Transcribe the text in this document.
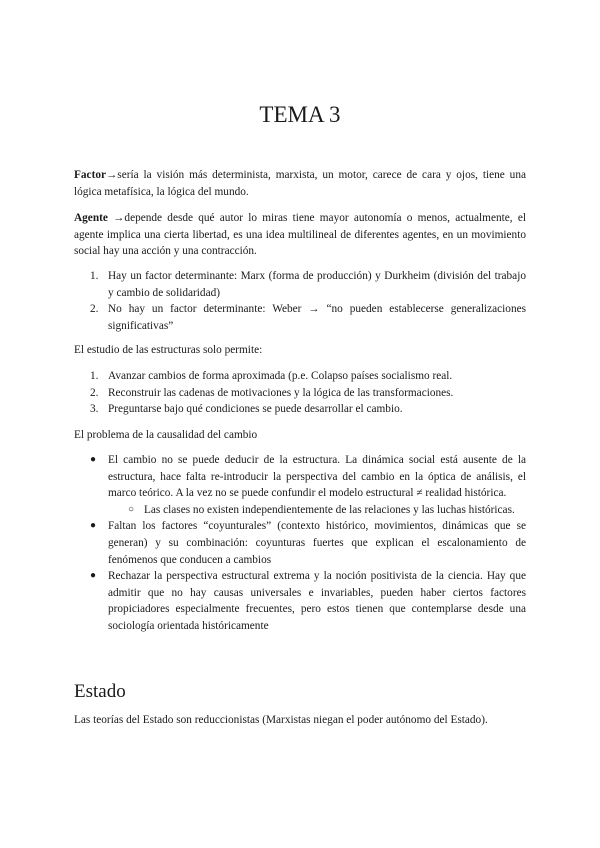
TEMA 3

Factor→sería la visión más determinista, marxista, un motor, carece de cara y ojos, tiene una lógica metafísica, la lógica del mundo.

Agente →depende desde qué autor lo miras tiene mayor autonomía o menos, actualmente, el agente implica una cierta libertad, es una idea multilineal de diferentes agentes, en un movimiento social hay una acción y una contracción.

1. Hay un factor determinante: Marx (forma de producción) y Durkheim (división del trabajo y cambio de solidaridad)
2. No hay un factor determinante: Weber → “no pueden establecerse generalizaciones significativas”

El estudio de las estructuras solo permite:

1. Avanzar cambios de forma aproximada (p.e. Colapso países socialismo real.
2. Reconstruir las cadenas de motivaciones y la lógica de las transformaciones.
3. Preguntarse bajo qué condiciones se puede desarrollar el cambio.

El problema de la causalidad del cambio

● El cambio no se puede deducir de la estructura. La dinámica social está ausente de la estructura, hace falta re-introducir la perspectiva del cambio en la óptica de análisis, el marco teórico. A la vez no se puede confundir el modelo estructural ≠ realidad histórica.
○ Las clases no existen independientemente de las relaciones y las luchas históricas.
● Faltan los factores “coyunturales” (contexto histórico, movimientos, dinámicas que se generan) y su combinación: coyunturas fuertes que explican el escalonamiento de fenómenos que conducen a cambios
● Rechazar la perspectiva estructural extrema y la noción positivista de la ciencia. Hay que admitir que no hay causas universales e invariables, pueden haber ciertos factores propiciadores especialmente frecuentes, pero estos tienen que contemplarse desde una sociología orientada históricamente
Estado

Las teorías del Estado son reduccionistas (Marxistas niegan el poder autónomo del Estado).
